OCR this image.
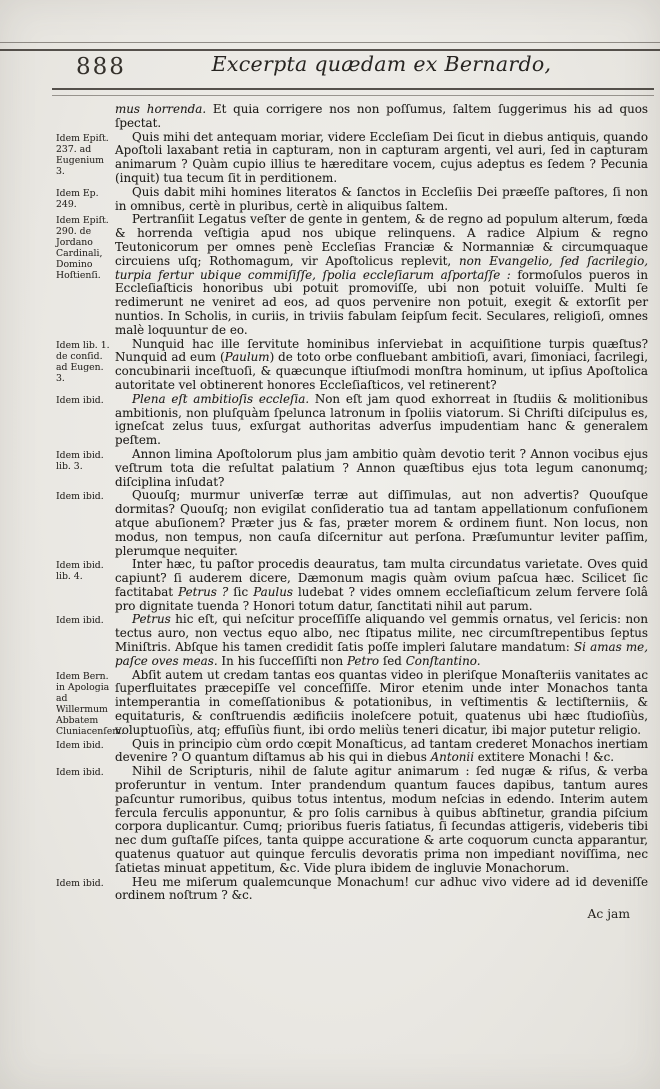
888	Excerpta quædam ex Bernardo,
Idem Epiſt. 237. ad Eugenium 3.
Idem Ep. 249.
Idem Epiſt. 290. de Jordano Cardinali, Domino Hoſtienſi.
Idem lib. 1. de conſid. ad Eugen. 3.
Idem ibid.
Idem ibid. lib. 3.
Idem ibid.
Idem ibid. lib. 4.
Idem ibid.
Idem Bern. in Apologia ad Willermum Abbatem Cluniacenſem.
Idem ibid.
Idem ibid.
Idem ibid.

mus horrenda. Et quia corrigere nos non poſſumus, ſaltem ſuggerimus his ad quos ſpectat.

Quis mihi det antequam moriar, videre Eccleſiam Dei ſicut in diebus antiquis, quando Apoſtoli laxabant retia in capturam, non in capturam argenti, vel auri, ſed in capturam animarum ? Quàm cupio illius te hæreditare vocem, cujus adeptus es ſedem ? Pecunia (inquit) tua tecum ſit in perditionem.

Quis dabit mihi homines literatos & ſanctos in Eccleſiis Dei præeſſe paſtores, ſi non in omnibus, certè in pluribus, certè in aliquibus ſaltem.

Pertranſiit Legatus veſter de gente in gentem, & de regno ad populum alterum, fœda & horrenda veſtigia apud nos ubique relinquens. A radice Alpium & regno Teutonicorum per omnes penè Eccleſias Franciæ & Normanniæ & circumquaque circuiens uſq; Rothomagum, vir Apoſtolicus replevit, non Evangelio, ſed ſacrilegio, turpia fertur ubique commiſiſſe, ſpolia eccleſiarum aſportaſſe : formoſulos pueros in Eccleſiaſticis honoribus ubi potuit promoviſſe, ubi non potuit voluiſſe. Multi ſe redimerunt ne veniret ad eos, ad quos pervenire non potuit, exegit & extorſit per nuntios. In Scholis, in curiis, in triviis fabulam ſeipſum fecit. Seculares, religioſi, omnes malè loquuntur de eo.

Nunquid hac ille ſervitute hominibus inſerviebat in acquiſitione turpis quæſtus? Nunquid ad eum (Paulum) de toto orbe confluebant ambitioſi, avari, ſimoniaci, ſacrilegi, concubinarii inceſtuoſi, & quæcunque iſtiuſmodi monſtra hominum, ut ipſius Apoſtolica autoritate vel obtinerent honores Eccleſiaſticos, vel retinerent?

Plena eſt ambitioſis eccleſia. Non eſt jam quod exhorreat in ſtudiis & molitionibus ambitionis, non pluſquàm ſpelunca latronum in ſpoliis viatorum. Si Chriſti diſcipulus es, igneſcat zelus tuus, exſurgat authoritas adverſus impudentiam hanc & generalem peſtem.

Annon limina Apoſtolorum plus jam ambitio quàm devotio terit ? Annon vocibus ejus veſtrum tota die reſultat palatium ? Annon quæſtibus ejus tota legum canonumq; diſciplina inſudat?

Quouſq; murmur univerſæ terræ aut diſſimulas, aut non advertis? Quouſque dormitas? Quouſq; non evigilat conſideratio tua ad tantam appellationum confuſionem atque abuſionem? Præter jus & fas, præter morem & ordinem fiunt. Non locus, non modus, non tempus, non cauſa diſcernitur aut perſona. Præſumuntur leviter paſſim, plerumque nequiter.

Inter hæc, tu paſtor procedis deauratus, tam multa circundatus varietate. Oves quid capiunt? ſi auderem dicere, Dæmonum magis quàm ovium paſcua hæc. Scilicet ſic factitabat Petrus ? ſic Paulus ludebat ? vides omnem eccleſiaſticum zelum fervere ſolâ pro dignitate tuenda ? Honori totum datur, ſanctitati nihil aut parum.

Petrus hic eſt, qui neſcitur proceſſiſſe aliquando vel gemmis ornatus, vel ſericis: non tectus auro, non vectus equo albo, nec ſtipatus milite, nec circumſtrepentibus ſeptus Miniſtris. Abſque his tamen credidit ſatis poſſe impleri ſalutare mandatum: Si amas me, paſce oves meas. In his ſucceſſiſti non Petro ſed Conſtantino.

Abſit autem ut credam tantas eos quantas video in pleriſque Monaſteriis vanitates ac ſuperfluitates præcepiſſe vel conceſſiſſe. Miror etenim unde inter Monachos tanta intemperantia in comeſſationibus & potationibus, in veſtimentis & lectiſterniis, & equitaturis, & conſtruendis ædificiis inoleſcere potuit, quatenus ubi hæc ſtudioſiùs, voluptuoſiùs, atq; effuſiùs fiunt, ibi ordo meliùs teneri dicatur, ibi major putetur religio.

Quis in principio cùm ordo cœpit Monaſticus, ad tantam crederet Monachos inertiam devenire ? O quantum diſtamus ab his qui in diebus Antonii extitere Monachi ! &c.

Nihil de Scripturis, nihil de ſalute agitur animarum : ſed nugæ & riſus, & verba proferuntur in ventum. Inter prandendum quantum fauces dapibus, tantum aures paſcuntur rumoribus, quibus totus intentus, modum neſcias in edendo. Interim autem fercula ferculis apponuntur, & pro ſolis carnibus à quibus abſtinetur, grandia piſcium corpora duplicantur. Cumq; prioribus fueris ſatiatus, ſi ſecundas attigeris, videberis tibi nec dum guſtaſſe piſces, tanta quippe accuratione & arte coquorum cuncta apparantur, quatenus quatuor aut quinque ferculis devoratis prima non impediant noviſſima, nec ſatietas minuat appetitum, &c. Vide plura ibidem de ingluvie Monachorum.

Heu me miſerum qualemcunque Monachum! cur adhuc vivo videre ad id deveniſſe ordinem noſtrum ? &c.

Ac jam
